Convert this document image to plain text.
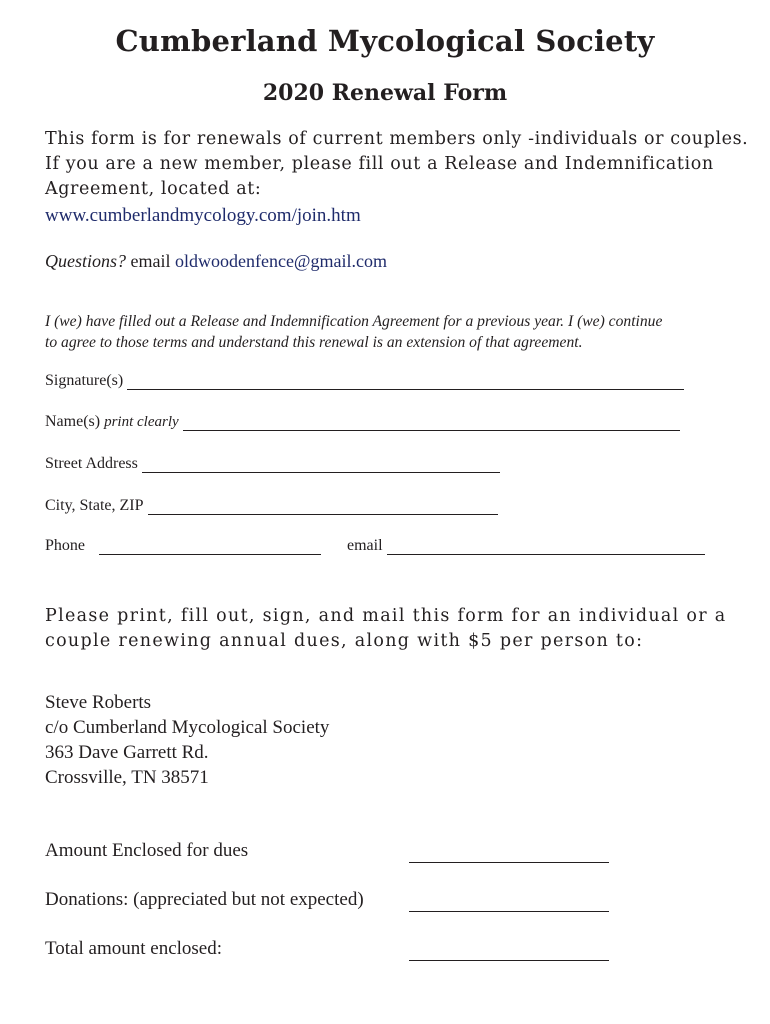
Cumberland Mycological Society
2020 Renewal Form
This form is for renewals of current members only -individuals or couples.
If you are a new member, please fill out a Release and Indemnification
Agreement, located at:
www.cumberlandmycology.com/join.htm
Questions? email oldwoodenfence@gmail.com
I (we) have filled out a Release and Indemnification Agreement for a previous year. I (we) continue
to agree to those terms and understand this renewal is an extension of that agreement.
Signature(s)
Name(s) print clearly
Street Address
City, State, ZIP
Phone	email
Please print, fill out, sign, and mail this form for an individual or a
couple renewing annual dues, along with $5 per person to:
Steve Roberts
c/o Cumberland Mycological Society
363 Dave Garrett Rd.
Crossville, TN 38571
Amount Enclosed for dues
Donations: (appreciated but not expected)
Total amount enclosed:
